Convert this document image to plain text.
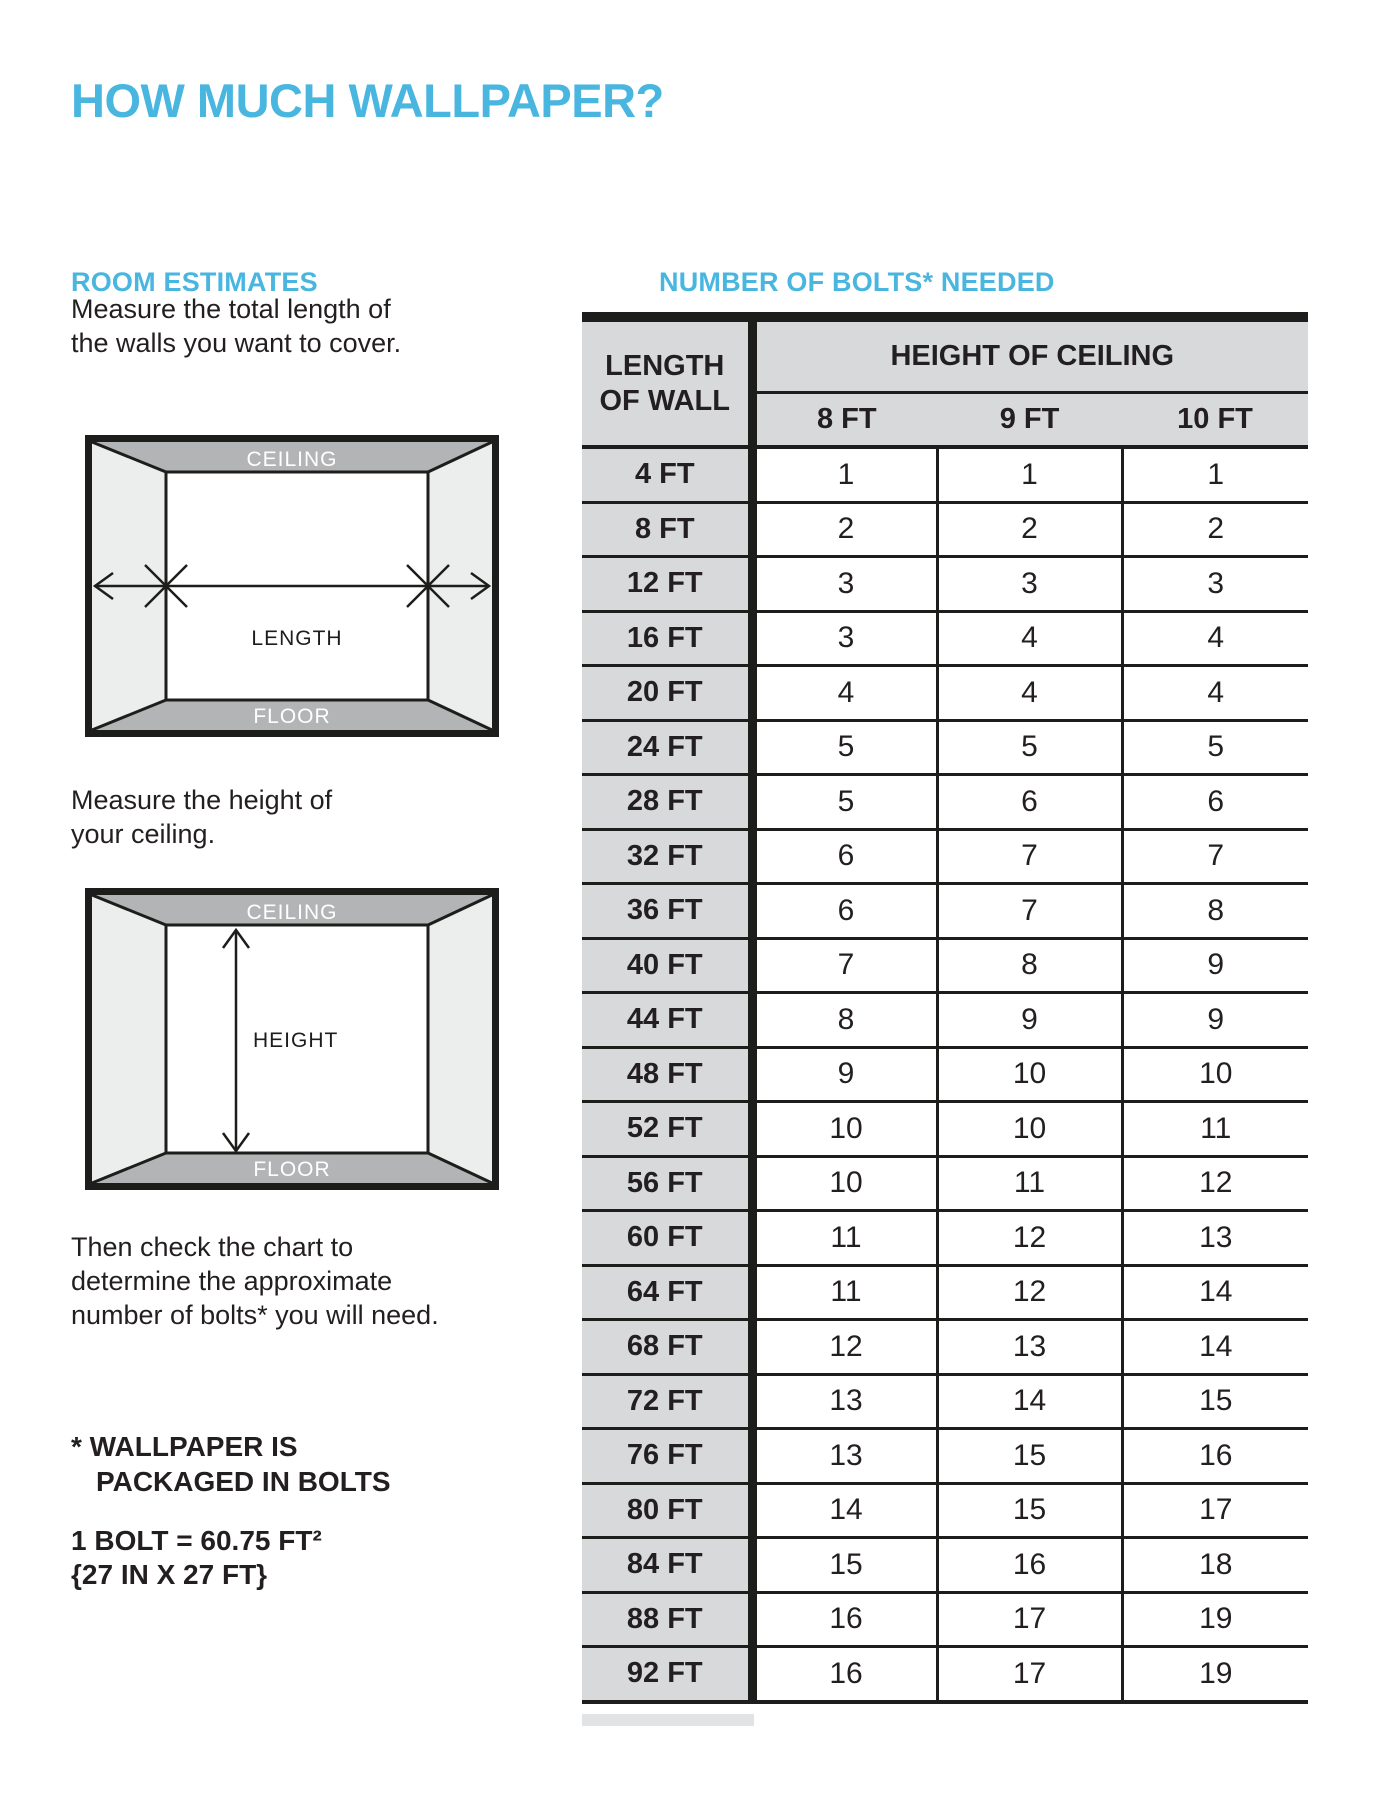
HOW MUCH WALLPAPER?
ROOM ESTIMATES	NUMBER OF BOLTS* NEEDED
Measure the total length of
the walls you want to cover.
CEILING
FLOOR
LENGTH
Measure the height of
your ceiling.
CEILING
FLOOR
HEIGHT
Then check the chart to
determine the approximate
number of bolts* you will need.
* WALLPAPER IS
PACKAGED IN BOLTS
1 BOLT = 60.75 FT²
{27 IN X 27 FT}
LENGTH
OF WALL	HEIGHT OF CEILING		
	8 FT	9 FT	10 FT
4 FT	1	1	1
8 FT	2	2	2
12 FT	3	3	3
16 FT	3	4	4
20 FT	4	4	4
24 FT	5	5	5
28 FT	5	6	6
32 FT	6	7	7
36 FT	6	7	8
40 FT	7	8	9
44 FT	8	9	9
48 FT	9	10	10
52 FT	10	10	11
56 FT	10	11	12
60 FT	11	12	13
64 FT	11	12	14
68 FT	12	13	14
72 FT	13	14	15
76 FT	13	15	16
80 FT	14	15	17
84 FT	15	16	18
88 FT	16	17	19
92 FT	16	17	19
